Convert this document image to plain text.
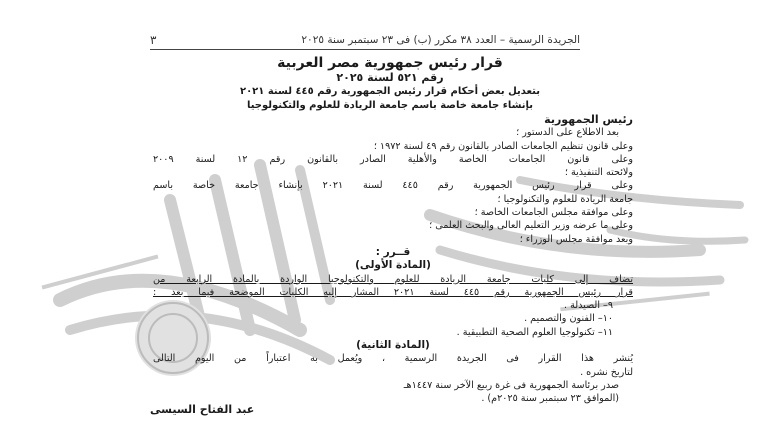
الجريدة الرسمية – العدد ٣٨ مكرر (ب) فى ٢٣ سبتمبر سنة ٢٠٢٥
٣
قرار رئيس جمهورية مصر العربية
رقم ٥٢١ لسنة ٢٠٢٥
بتعديل بعض أحكام قرار رئيس الجمهورية رقم ٤٤٥ لسنة ٢٠٢١
بإنشاء جامعة خاصة باسم جامعة الريادة للعلوم والتكنولوجيا
رئيس الجمهورية
بعد الاطلاع على الدستور ؛
وعلى قانون تنظيم الجامعات الصادر بالقانون رقم ٤٩ لسنة ١٩٧٢ ؛
وعلى قانون الجامعات الخاصة والأهلية الصادر بالقانون رقم ١٢ لسنة ٢٠٠٩
ولائحته التنفيذية ؛
وعلى قرار رئيس الجمهورية رقم ٤٤٥ لسنة ٢٠٢١ بإنشاء جامعة خاصة باسم
جامعة الريادة للعلوم والتكنولوجيا ؛
وعلى موافقة مجلس الجامعات الخاصة ؛
وعلى ما عرضه وزير التعليم العالى والبحث العلمى ؛
وبعد موافقة مجلس الوزراء ؛
قــرر :
(المادة الأولى)
تضاف إلى كليات جامعة الريادة للعلوم والتكنولوجيا الواردة بالمادة الرابعة من
قرار رئيس الجمهورية رقم ٤٤٥ لسنة ٢٠٢١ المشار إليه الكليات الموضحة فيما بعد :
٩– الصيدلة .
١٠– الفنون والتصميم .
١١– تكنولوجيا العلوم الصحية التطبيقية .
(المادة الثانية)
يُنشر هذا القرار فى الجريدة الرسمية ، ويُعمل به اعتباراً من اليوم التالى
لتاريخ نشره .
صدر برئاسة الجمهورية فى غرة ربيع الآخر سنة ١٤٤٧هـ
(الموافق ٢٣ سبتمبر سنة ٢٠٢٥م) .
عبد الفتاح السيسى
